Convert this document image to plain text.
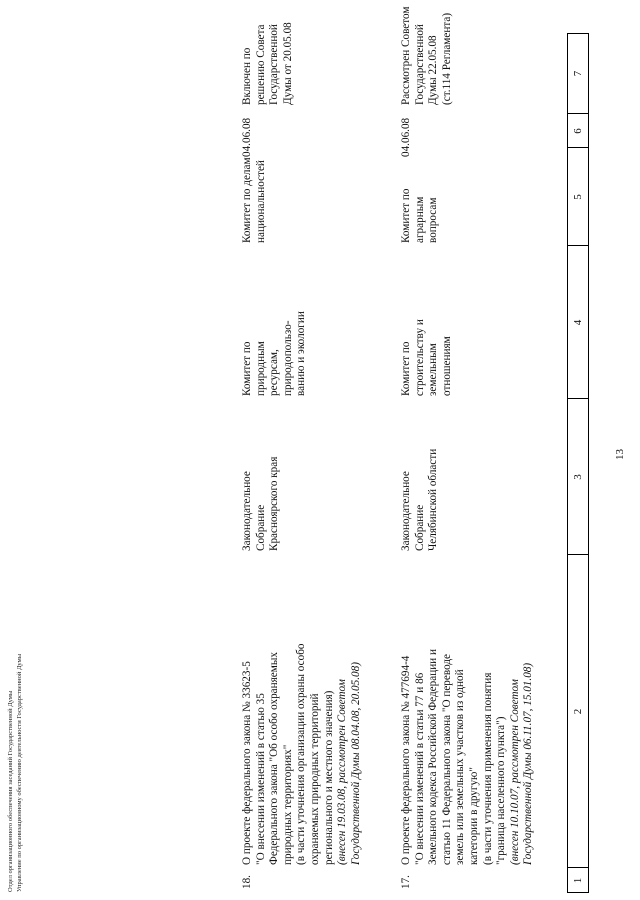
13
Отдел организационного обеспечения заседаний Государственной Думы Управление по организационному обеспечению деятельности Государственной Думы	1
2
3
4
5
6
7
17.
О проекте федерального закона № 477694-4
"О внесении изменений в статьи 77 и 86
Земельного кодекса Российской Федерации и
статью 11 Федерального закона "О переводе
земель или земельных участков из одной
категории в другую"
(в части уточнения применения понятия
"граница населенного пункта")
(внесен 10.10.07, рассмотрен Советом
Государственной Думы 06.11.07, 15.01.08)
Законодательное
Собрание
Челябинской области
Комитет по
строительству и
земельным
отношениям
Комитет по
аграрным
вопросам
04.06.08
Рассмотрен Советом
Государственной
Думы 22.05.08
(ст.114 Регламента)
18.
О проекте федерального закона № 33623-5
"О внесении изменений в статью 35
Федерального закона "Об особо охраняемых
природных территориях"
(в части уточнения организации охраны особо
охраняемых природных территорий
регионального и местного значения)
(внесен 19.03.08, рассмотрен Советом
Государственной Думы 08.04.08, 20.05.08)
Законодательное
Собрание
Красноярского края
Комитет по
природным
ресурсам,
природопользо-
ванию и экологии
Комитет по делам
национальностей
04.06.08
Включен по
решению Совета
Государственной
Думы от 20.05.08
